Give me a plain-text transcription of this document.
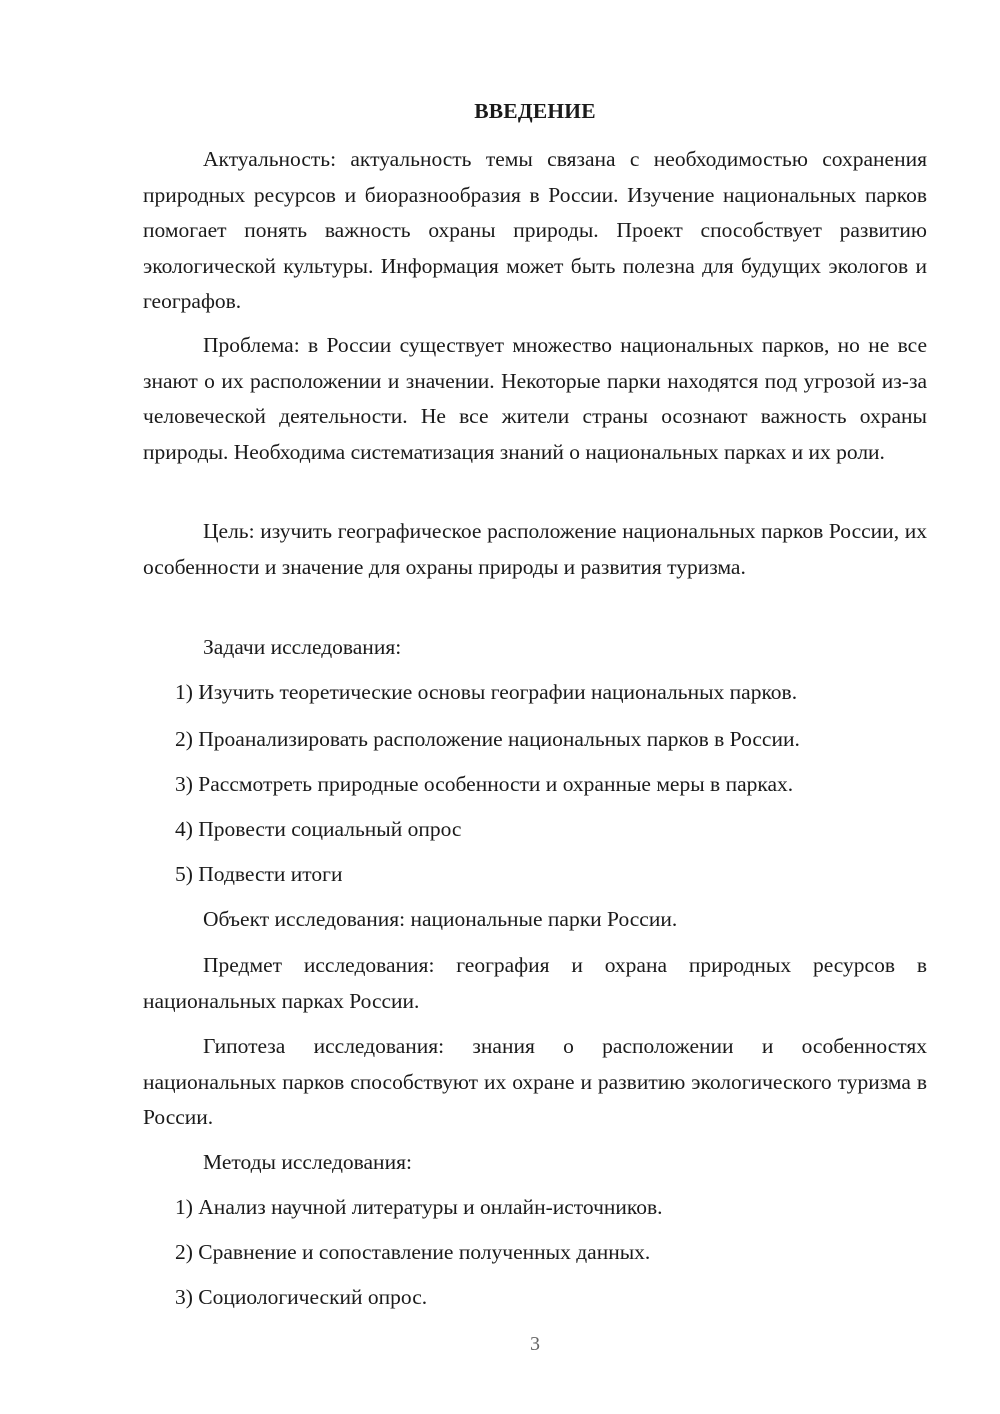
ВВЕДЕНИЕ

Актуальность: актуальность темы связана с необходимостью сохранения природных ресурсов и биоразнообразия в России. Изучение национальных парков помогает понять важность охраны природы. Проект способствует развитию экологической культуры. Информация может быть полезна для будущих экологов и географов.

Проблема: в России существует множество национальных парков, но не все знают о их расположении и значении. Некоторые парки находятся под угрозой из-за человеческой деятельности. Не все жители страны осознают важность охраны природы. Необходима систематизация знаний о национальных парках и их роли.

Цель: изучить географическое расположение национальных парков России, их особенности и значение для охраны природы и развития туризма.

Задачи исследования:

1) Изучить теоретические основы географии национальных парков.

2) Проанализировать расположение национальных парков в России.

3) Рассмотреть природные особенности и охранные меры в парках.

4) Провести социальный опрос

5) Подвести итоги

Объект исследования: национальные парки России.

Предмет исследования: география и охрана природных ресурсов в национальных парках России.

Гипотеза исследования: знания о расположении и особенностях национальных парков способствуют их охране и развитию экологического туризма в России.

Методы исследования:

1) Анализ научной литературы и онлайн-источников.

2) Сравнение и сопоставление полученных данных.

3) Социологический опрос.

3
